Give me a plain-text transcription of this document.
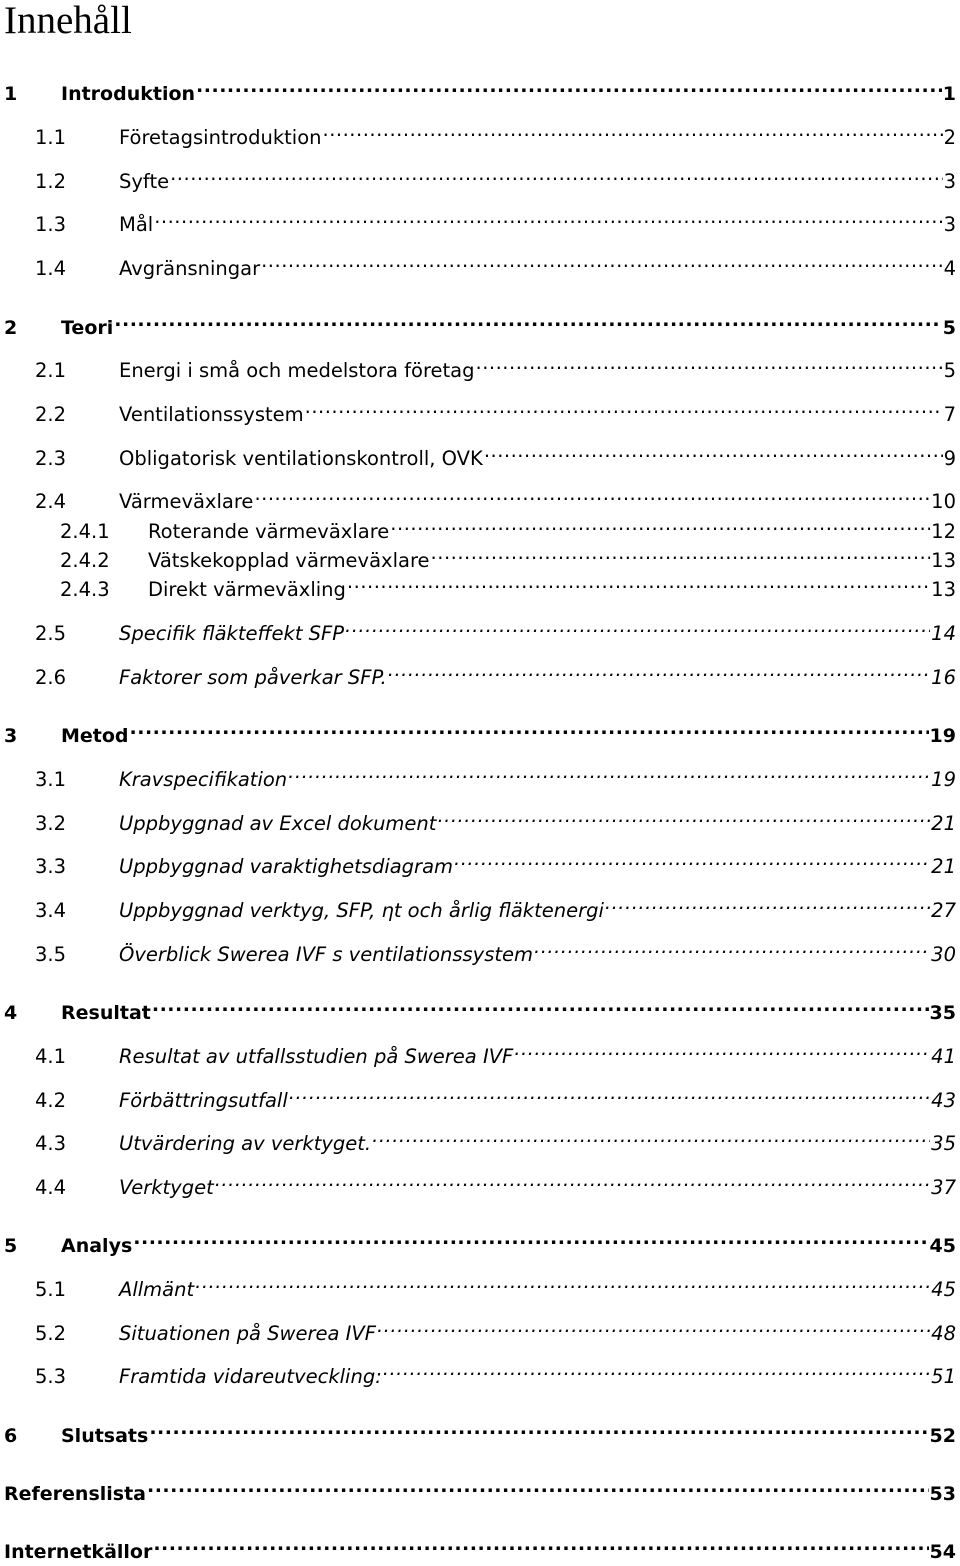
Innehåll
1	Introduktion .....	1
1.1	Företagsintroduktion .....	2
1.2	Syfte .....	3
1.3	Mål .....	3
1.4	Avgränsningar .....	4
2	Teori .....	5
2.1	Energi i små och medelstora företag .....	5
2.2	Ventilationssystem .....	7
2.3	Obligatorisk ventilationskontroll, OVK .....	9
2.4	Värmeväxlare .....	10
2.4.1	Roterande värmeväxlare .....	12
2.4.2	Vätskekopplad värmeväxlare .....	13
2.4.3	Direkt värmeväxling .....	13
2.5	Specifik fläkteffekt SFP .....	14
2.6	Faktorer som påverkar SFP. .....	16
3	Metod .....	19
3.1	Kravspecifikation .....	19
3.2	Uppbyggnad av Excel dokument .....	21
3.3	Uppbyggnad varaktighetsdiagram .....	21
3.4	Uppbyggnad verktyg, SFP, ηt och årlig fläktenergi .....	27
3.5	Överblick Swerea IVF s ventilationssystem .....	30
4	Resultat .....	35
4.1	Resultat av utfallsstudien på Swerea IVF .....	41
4.2	Förbättringsutfall .....	43
4.3	Utvärdering av verktyget. .....	35
4.4	Verktyget .....	37
5	Analys .....	45
5.1	Allmänt .....	45
5.2	Situationen på Swerea IVF .....	48
5.3	Framtida vidareutveckling: .....	51
6	Slutsats .....	52
Referenslista .....	53
Internetkällor .....	54
